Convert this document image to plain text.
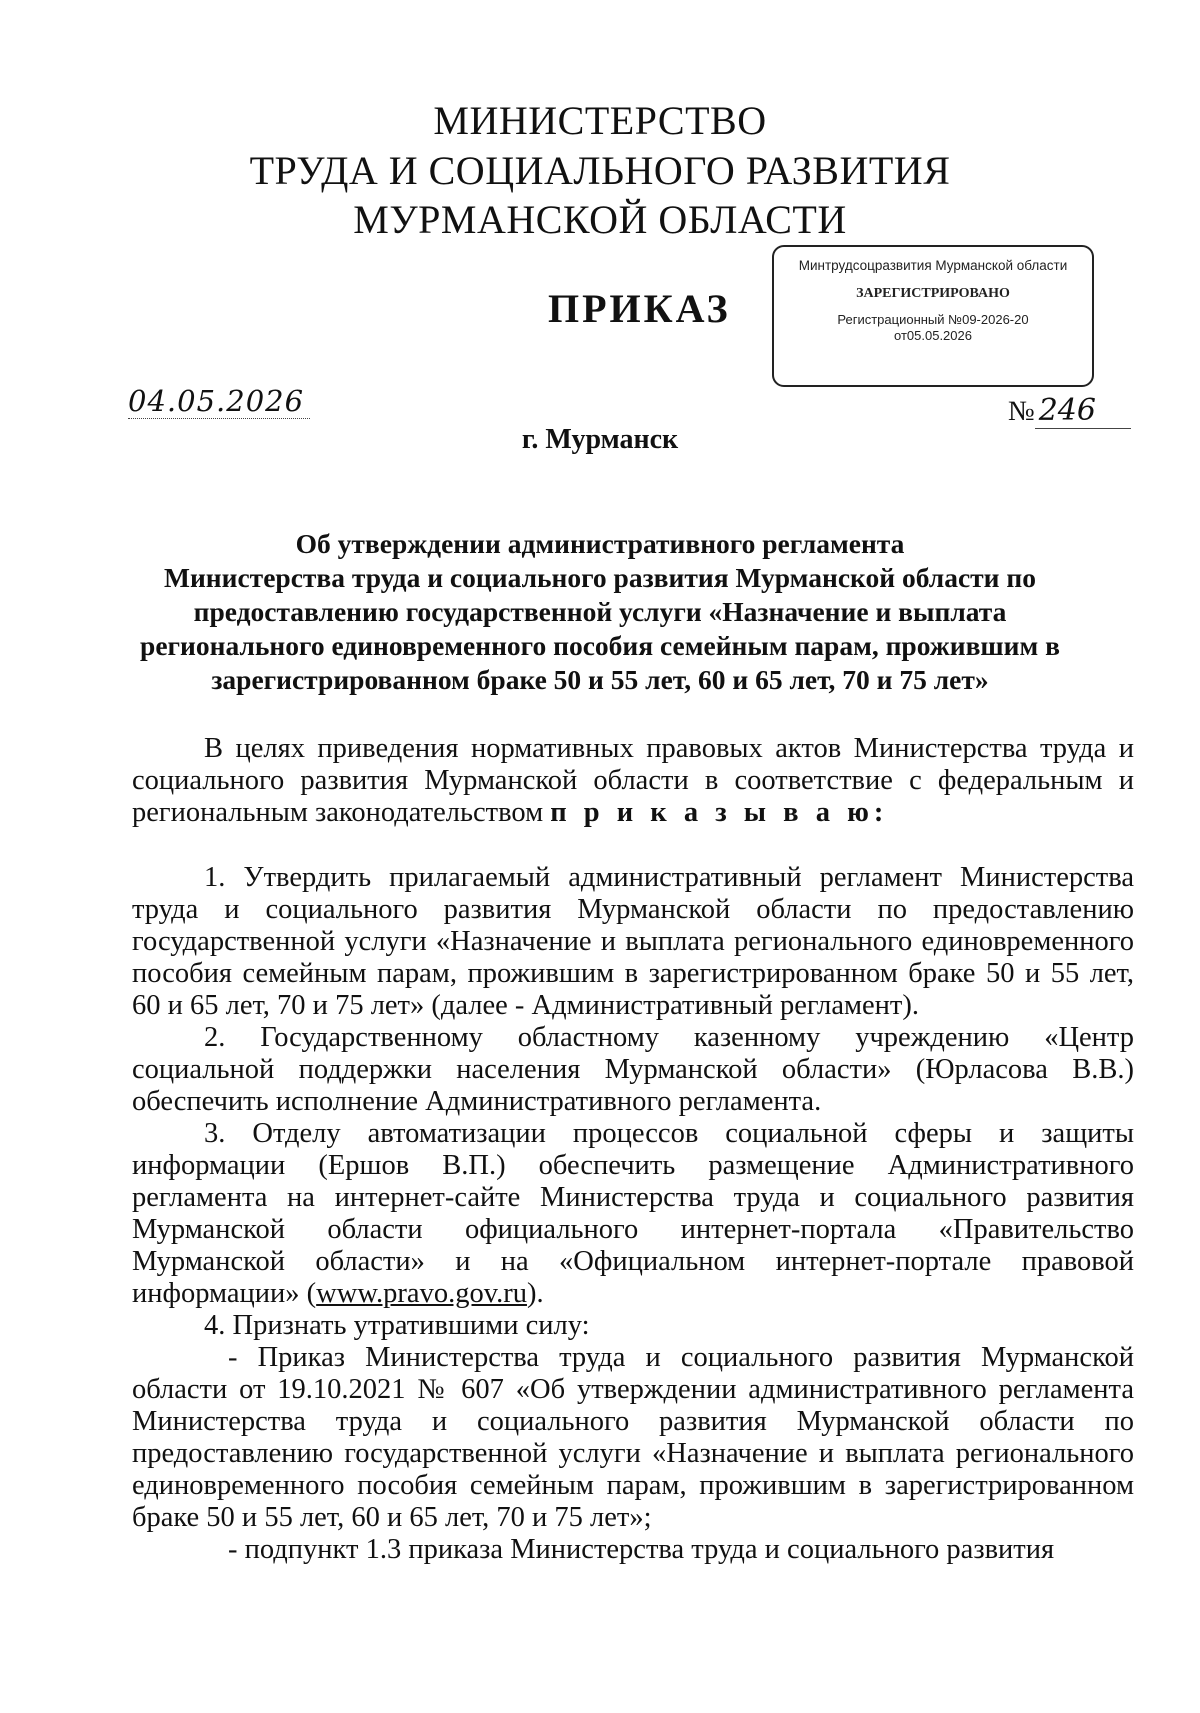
МИНИСТЕРСТВО
ТРУДА И СОЦИАЛЬНОГО РАЗВИТИЯ
МУРМАНСКОЙ ОБЛАСТИ
ПРИКАЗ
Минтрудсоцразвития Мурманской области
ЗАРЕГИСТРИРОВАНО
Регистрационный №09-2026-20
от05.05.2026
04.05.2026	№ 246
г. Мурманск
Об утверждении административного регламента
Министерства труда и социального развития Мурманской области по
предоставлению государственной услуги «Назначение и выплата
регионального единовременного пособия семейным парам, прожившим в
зарегистрированном браке 50 и 55 лет, 60 и 65 лет, 70 и 75 лет»

В целях приведения нормативных правовых актов Министерства труда и социального развития Мурманской области в соответствие с федеральным и региональным законодательством п р и к а з ы в а ю:

1. Утвердить прилагаемый административный регламент Министерства труда и социального развития Мурманской области по предоставлению государственной услуги «Назначение и выплата регионального единовременного пособия семейным парам, прожившим в зарегистрированном браке 50 и 55 лет, 60 и 65 лет, 70 и 75 лет» (далее - Административный регламент).

2. Государственному областному казенному учреждению «Центр социальной поддержки населения Мурманской области» (Юрласова В.В.) обеспечить исполнение Административного регламента.

3. Отделу автоматизации процессов социальной сферы и защиты информации (Ершов В.П.) обеспечить размещение Административного регламента на интернет-сайте Министерства труда и социального развития Мурманской области официального интернет-портала «Правительство Мурманской области» и на «Официальном интернет-портале правовой информации» (www.pravo.gov.ru).

4. Признать утратившими силу:

- Приказ Министерства труда и социального развития Мурманской области от 19.10.2021 № 607 «Об утверждении административного регламента Министерства труда и социального развития Мурманской области по предоставлению государственной услуги «Назначение и выплата регионального единовременного пособия семейным парам, прожившим в зарегистрированном браке 50 и 55 лет, 60 и 65 лет, 70 и 75 лет»;

- подпункт 1.3 приказа Министерства труда и социального развития
